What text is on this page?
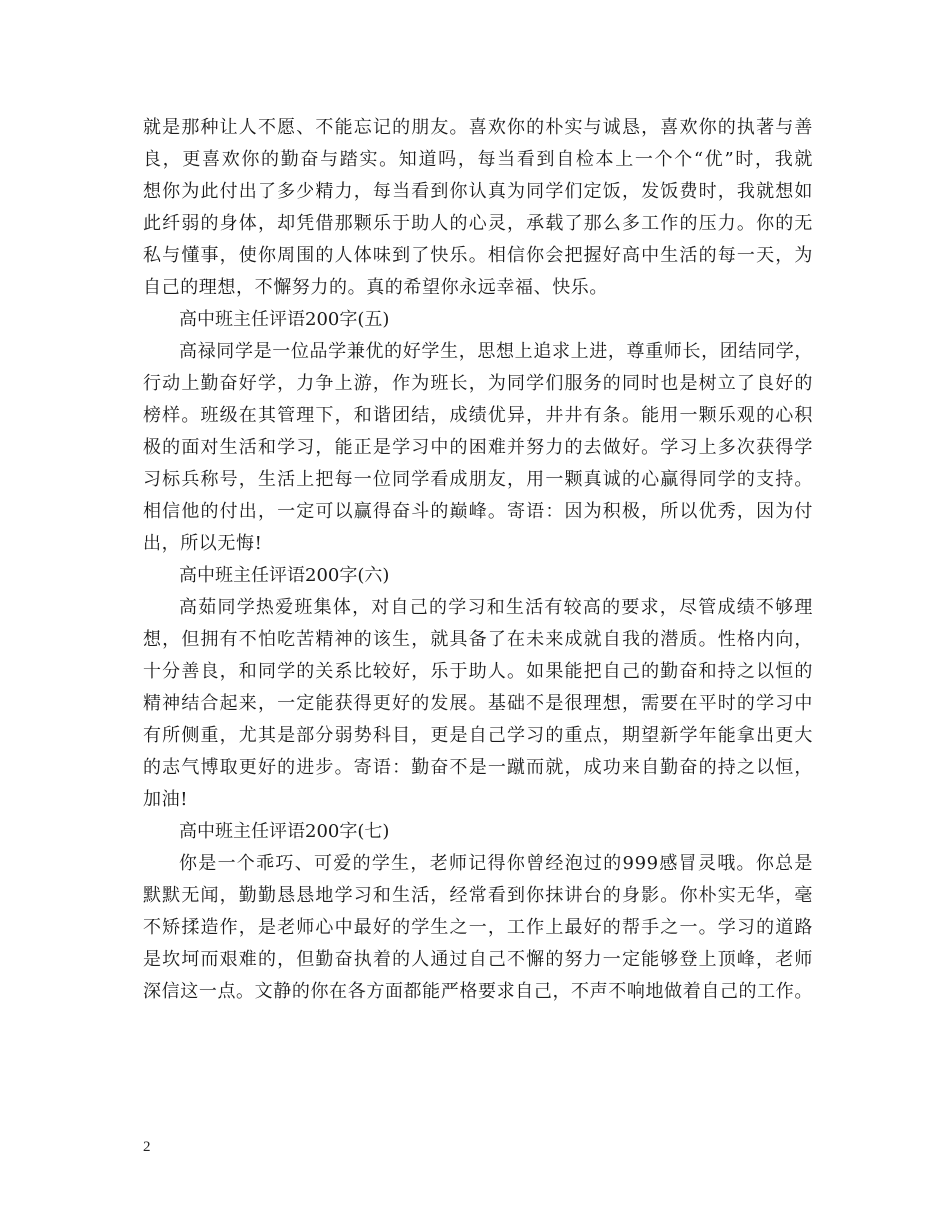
就是那种让人不愿、不能忘记的朋友。喜欢你的朴实与诚恳，喜欢你的执著与善
良，更喜欢你的勤奋与踏实。知道吗，每当看到自检本上一个个“优”时，我就
想你为此付出了多少精力，每当看到你认真为同学们定饭，发饭费时，我就想如
此纤弱的身体，却凭借那颗乐于助人的心灵，承载了那么多工作的压力。你的无
私与懂事，使你周围的人体味到了快乐。相信你会把握好高中生活的每一天，为
自己的理想，不懈努力的。真的希望你永远幸福、快乐。
高中班主任评语200字(五)
高禄同学是一位品学兼优的好学生，思想上追求上进，尊重师长，团结同学，
行动上勤奋好学，力争上游，作为班长，为同学们服务的同时也是树立了良好的
榜样。班级在其管理下，和谐团结，成绩优异，井井有条。能用一颗乐观的心积
极的面对生活和学习，能正是学习中的困难并努力的去做好。学习上多次获得学
习标兵称号，生活上把每一位同学看成朋友，用一颗真诚的心赢得同学的支持。
相信他的付出，一定可以赢得奋斗的巅峰。寄语：因为积极，所以优秀，因为付
出，所以无悔!
高中班主任评语200字(六)
高茹同学热爱班集体，对自己的学习和生活有较高的要求，尽管成绩不够理
想，但拥有不怕吃苦精神的该生，就具备了在未来成就自我的潜质。性格内向，
十分善良，和同学的关系比较好，乐于助人。如果能把自己的勤奋和持之以恒的
精神结合起来，一定能获得更好的发展。基础不是很理想，需要在平时的学习中
有所侧重，尤其是部分弱势科目，更是自己学习的重点，期望新学年能拿出更大
的志气博取更好的进步。寄语：勤奋不是一蹴而就，成功来自勤奋的持之以恒，
加油!
高中班主任评语200字(七)
你是一个乖巧、可爱的学生，老师记得你曾经泡过的999感冒灵哦。你总是
默默无闻，勤勤恳恳地学习和生活，经常看到你抹讲台的身影。你朴实无华，毫
不矫揉造作，是老师心中最好的学生之一，工作上最好的帮手之一。学习的道路
是坎坷而艰难的，但勤奋执着的人通过自己不懈的努力一定能够登上顶峰，老师
深信这一点。文静的你在各方面都能严格要求自己，不声不响地做着自己的工作。
2
